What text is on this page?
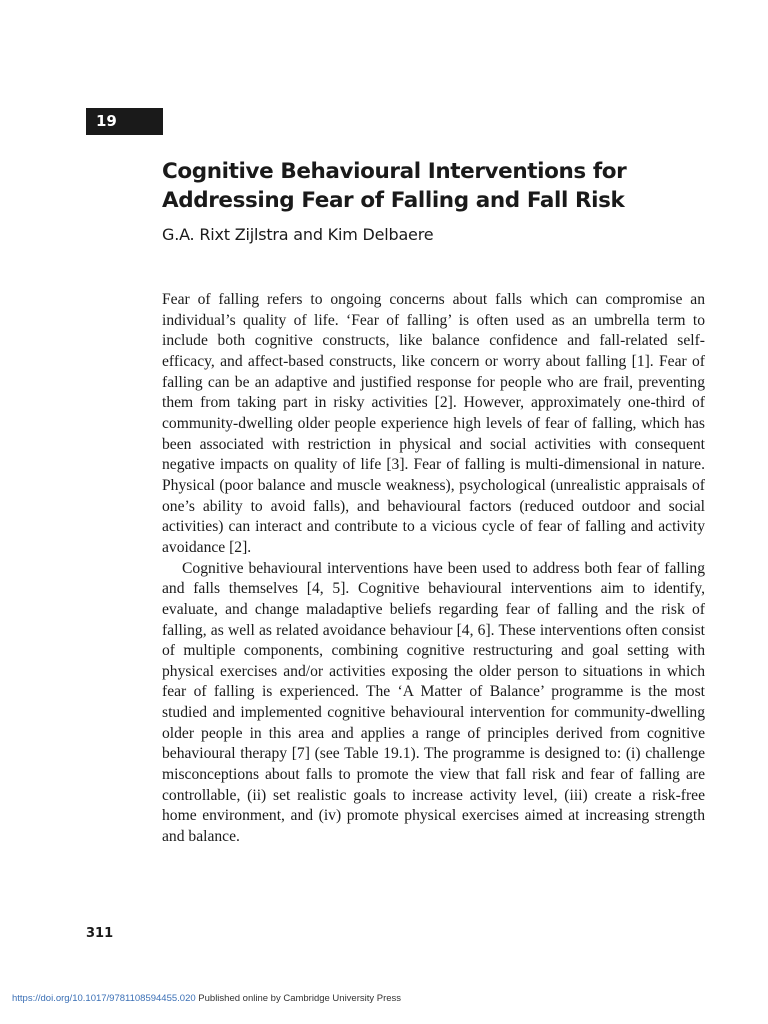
19
Cognitive Behavioural Interventions for
Addressing Fear of Falling and Fall Risk
G.A. Rixt Zijlstra and Kim Delbaere

Fear of falling refers to ongoing concerns about falls which can compromise an individual’s quality of life. ‘Fear of falling’ is often used as an umbrella term to include both cognitive constructs, like balance confidence and fall-related self-efficacy, and affect-based constructs, like concern or worry about falling [1]. Fear of falling can be an adaptive and justified response for people who are frail, preventing them from taking part in risky activities [2]. However, approximately one-third of community-dwelling older people experience high levels of fear of falling, which has been associated with restriction in physical and social activities with consequent negative impacts on quality of life [3]. Fear of falling is multi-dimensional in nature. Physical (poor balance and muscle weakness), psychological (unrealistic appraisals of one’s ability to avoid falls), and behavioural factors (reduced outdoor and social activities) can interact and contribute to a vicious cycle of fear of falling and activity avoidance [2].

Cognitive behavioural interventions have been used to address both fear of falling and falls themselves [4, 5]. Cognitive behavioural interventions aim to identify, evaluate, and change maladaptive beliefs regarding fear of falling and the risk of falling, as well as related avoidance behaviour [4, 6]. These interventions often consist of multiple components, combining cognitive restructuring and goal setting with physical exercises and/or activities exposing the older person to situations in which fear of falling is experienced. The ‘A Matter of Balance’ programme is the most studied and implemented cognitive behavioural intervention for community-dwelling older people in this area and applies a range of principles derived from cognitive behavioural therapy [7] (see Table 19.1). The programme is designed to: (i) challenge misconceptions about falls to promote the view that fall risk and fear of falling are controllable, (ii) set realistic goals to increase activity level, (iii) create a risk-free home environment, and (iv) promote physical exercises aimed at increasing strength and balance.

311
https://doi.org/10.1017/9781108594455.020 Published online by Cambridge University Press
